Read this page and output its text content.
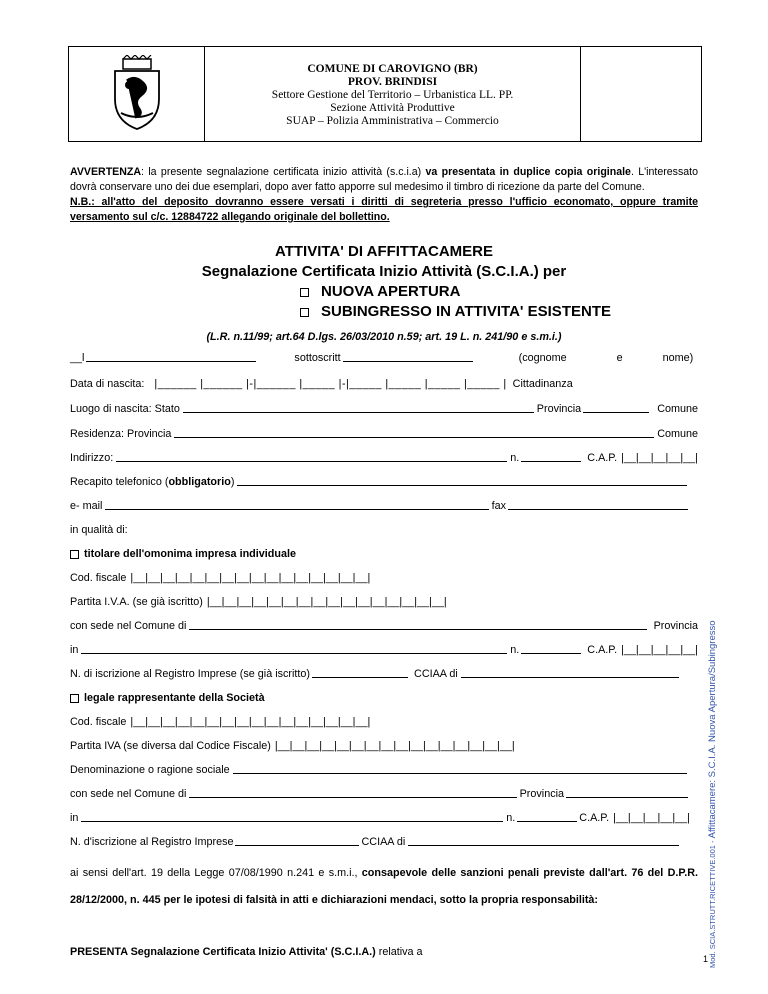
COMUNE DI CAROVIGNO (BR)
PROV. BRINDISI
Settore Gestione del Territorio – Urbanistica LL. PP.
Sezione Attività Produttive
SUAP – Polizia Amministrativa – Commercio

AVVERTENZA: la presente segnalazione certificata inizio attività (s.c.i.a) va presentata in duplice copia originale. L'interessato dovrà conservare uno dei due esemplari, dopo aver fatto apporre sul medesimo il timbro di ricezione da parte del Comune.

N.B.: all'atto del deposito dovranno essere versati i diritti di segreteria presso l'ufficio economato, oppure tramite versamento sul c/c. 12884722 allegando originale del bollettino.

ATTIVITA' DI AFFITTACAMERE
Segnalazione Certificata Inizio Attività (S.C.I.A.) per
NUOVA APERTURA
SUBINGRESSO IN ATTIVITA' ESISTENTE
(L.R. n.11/99; art.64 D.lgs. 26/03/2010 n.59; art. 19 L. n. 241/90 e s.m.i.)
__l	sottoscritt	(cognome	e	nome)
Data di nascita: |______ |______ |-|______ |_____ |-|_____ |_____ |_____ |_____ | Cittadinanza
Luogo di nascita: Stato	Provincia	Comune
Residenza: Provincia	Comune
Indirizzo:	n.	C.A.P. |__|__|__|__|__|
Recapito telefonico ( obbligatorio )
e- mail	fax
in qualità di:
titolare dell'omonima impresa individuale
Cod. fiscale |__|__|__|__|__|__|__|__|__|__|__|__|__|__|__|__|
Partita I.V.A. (se già iscritto) |__|__|__|__|__|__|__|__|__|__|__|__|__|__|__|__|
con sede nel Comune di	Provincia
in	n.	C.A.P. |__|__|__|__|__|
N. di iscrizione al Registro Imprese (se già iscritto)	CCIAA di
legale rappresentante della Società
Cod. fiscale |__|__|__|__|__|__|__|__|__|__|__|__|__|__|__|__|
Partita IVA (se diversa dal Codice Fiscale) |__|__|__|__|__|__|__|__|__|__|__|__|__|__|__|__|
Denominazione o ragione sociale
con sede nel Comune di	Provincia
in	n.	C.A.P. |__|__|__|__|__|
N. d'iscrizione al Registro Imprese	CCIAA di
ai sensi dell'art. 19 della Legge 07/08/1990 n.241 e s.m.i., consapevole delle sanzioni penali previste dall'art. 76 del D.P.R. 28/12/2000, n. 445 per le ipotesi di falsità in atti e dichiarazioni mendaci, sotto la propria responsabilità:
PRESENTA Segnalazione Certificata Inizio Attivita' (S.C.I.A.) relativa a	Mod. SCIA.STRUTT.RICETTIVE.001 - Affittacamere: S.C.I.A. Nuova Apertura/Subingresso
1
